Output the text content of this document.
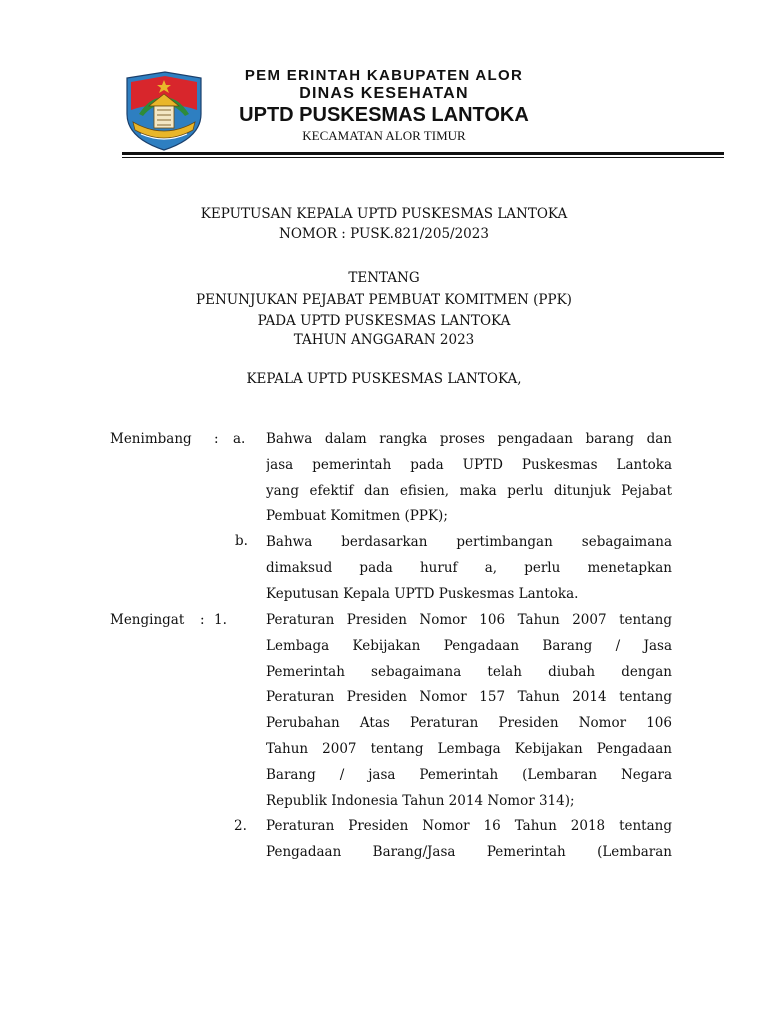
PEM ERINTAH KABUPATEN ALOR
DINAS KESEHATAN
UPTD PUSKESMAS LANTOKA
KECAMATAN ALOR TIMUR
KEPUTUSAN KEPALA UPTD PUSKESMAS LANTOKA
NOMOR : PUSK.821/205/2023
TENTANG
PENUNJUKAN PEJABAT PEMBUAT KOMITMEN (PPK)
PADA UPTD PUSKESMAS LANTOKA
TAHUN ANGGARAN 2023
KEPALA UPTD PUSKESMAS LANTOKA,
Menimbang : a. Bahwa dalam rangka proses pengadaan barang dan
jasa pemerintah pada UPTD Puskesmas Lantoka
yang efektif dan efisien, maka perlu ditunjuk Pejabat
Pembuat Komitmen (PPK);
b. Bahwa berdasarkan pertimbangan sebagaimana
dimaksud pada huruf a, perlu menetapkan
Keputusan Kepala UPTD Puskesmas Lantoka.
Mengingat : 1.	Peraturan Presiden Nomor 106 Tahun 2007 tentang
Lembaga Kebijakan Pengadaan Barang / Jasa
Pemerintah sebagaimana telah diubah dengan
Peraturan Presiden Nomor 157 Tahun 2014 tentang
Perubahan Atas Peraturan Presiden Nomor 106
Tahun 2007 tentang Lembaga Kebijakan Pengadaan
Barang / jasa Pemerintah (Lembaran Negara
Republik Indonesia Tahun 2014 Nomor 314);
2. Peraturan Presiden Nomor 16 Tahun 2018 tentang
Pengadaan Barang/Jasa Pemerintah (Lembaran
